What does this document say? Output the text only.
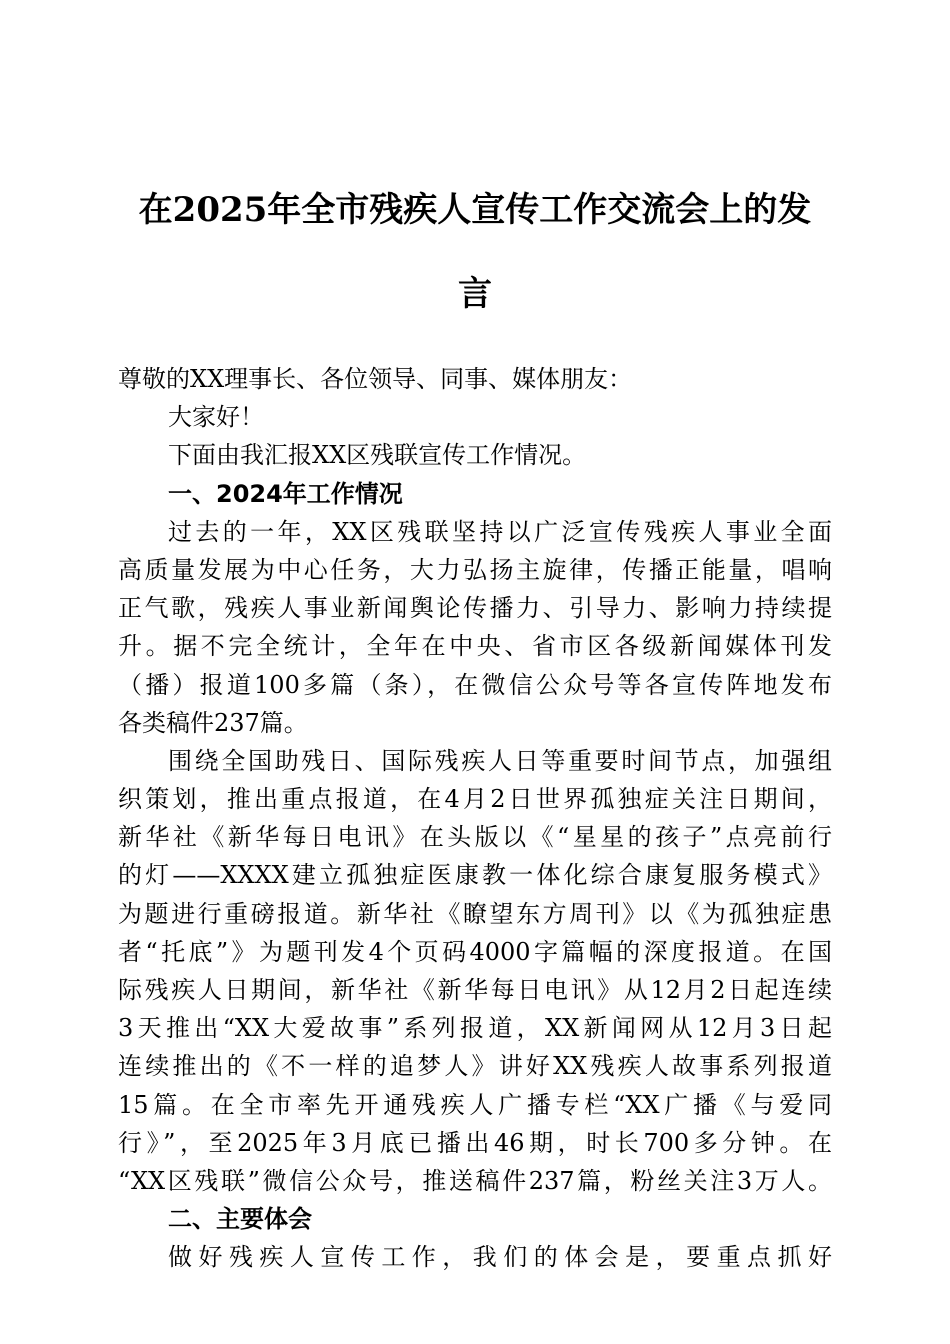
在2025年全市残疾人宣传工作交流会上的发
言
尊敬的XX理事长、各位领导、同事、媒体朋友：
大家好！
下面由我汇报XX区残联宣传工作情况。
一、2024年工作情况
过去的一年，XX区残联坚持以广泛宣传残疾人事业全面
高质量发展为中心任务，大力弘扬主旋律，传播正能量，唱响
正气歌，残疾人事业新闻舆论传播力、引导力、影响力持续提
升。据不完全统计，全年在中央、省市区各级新闻媒体刊发
（播）报道100多篇（条），在微信公众号等各宣传阵地发布
各类稿件237篇。
围绕全国助残日、国际残疾人日等重要时间节点，加强组
织策划，推出重点报道，在4月2日世界孤独症关注日期间，
新华社《新华每日电讯》在头版以《“星星的孩子”点亮前行
的灯——XXXX建立孤独症医康教一体化综合康复服务模式》
为题进行重磅报道。新华社《瞭望东方周刊》以《为孤独症患
者“托底”》为题刊发4个页码4000字篇幅的深度报道。在国
际残疾人日期间，新华社《新华每日电讯》从12月2日起连续
3天推出“XX大爱故事”系列报道，XX新闻网从12月3日起
连续推出的《不一样的追梦人》讲好XX残疾人故事系列报道
15篇。在全市率先开通残疾人广播专栏“XX广播《与爱同
行》”，至2025年3月底已播出46期，时长700多分钟。在
“XX区残联”微信公众号，推送稿件237篇，粉丝关注3万人。
二、主要体会
做好残疾人宣传工作，我们的体会是，要重点抓好
